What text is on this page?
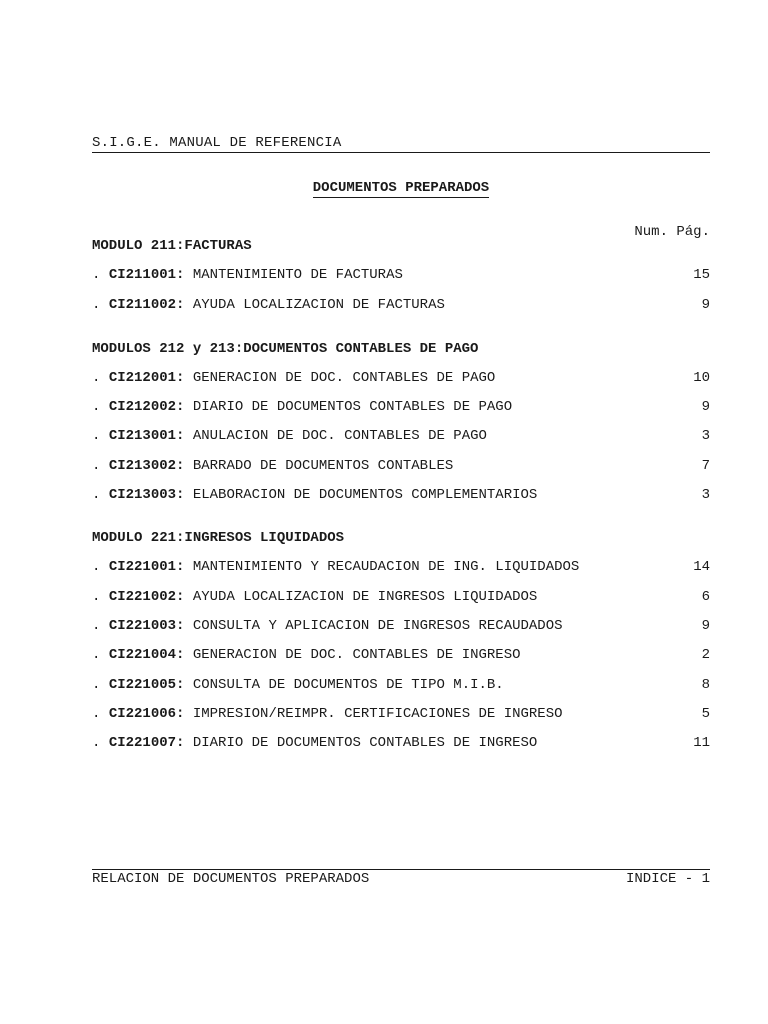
S.I.G.E. MANUAL DE REFERENCIA
DOCUMENTOS PREPARADOS
Num. Pág.
MODULO 211:FACTURAS
. CI211001: MANTENIMIENTO DE FACTURAS	15
. CI211002: AYUDA LOCALIZACION DE FACTURAS	9
MODULOS 212 y 213:DOCUMENTOS CONTABLES DE PAGO
. CI212001: GENERACION DE DOC. CONTABLES DE PAGO	10
. CI212002: DIARIO DE DOCUMENTOS CONTABLES DE PAGO	9
. CI213001: ANULACION DE DOC. CONTABLES DE PAGO	3
. CI213002: BARRADO DE DOCUMENTOS CONTABLES	7
. CI213003: ELABORACION DE DOCUMENTOS COMPLEMENTARIOS	3
MODULO 221:INGRESOS LIQUIDADOS
. CI221001: MANTENIMIENTO Y RECAUDACION DE ING. LIQUIDADOS	14
. CI221002: AYUDA LOCALIZACION DE INGRESOS LIQUIDADOS	6
. CI221003: CONSULTA Y APLICACION DE INGRESOS RECAUDADOS	9
. CI221004: GENERACION DE DOC. CONTABLES DE INGRESO	2
. CI221005: CONSULTA DE DOCUMENTOS DE TIPO M.I.B.	8
. CI221006: IMPRESION/REIMPR. CERTIFICACIONES DE INGRESO	5
. CI221007: DIARIO DE DOCUMENTOS CONTABLES DE INGRESO	11
RELACION DE DOCUMENTOS PREPARADOS	INDICE - 1
